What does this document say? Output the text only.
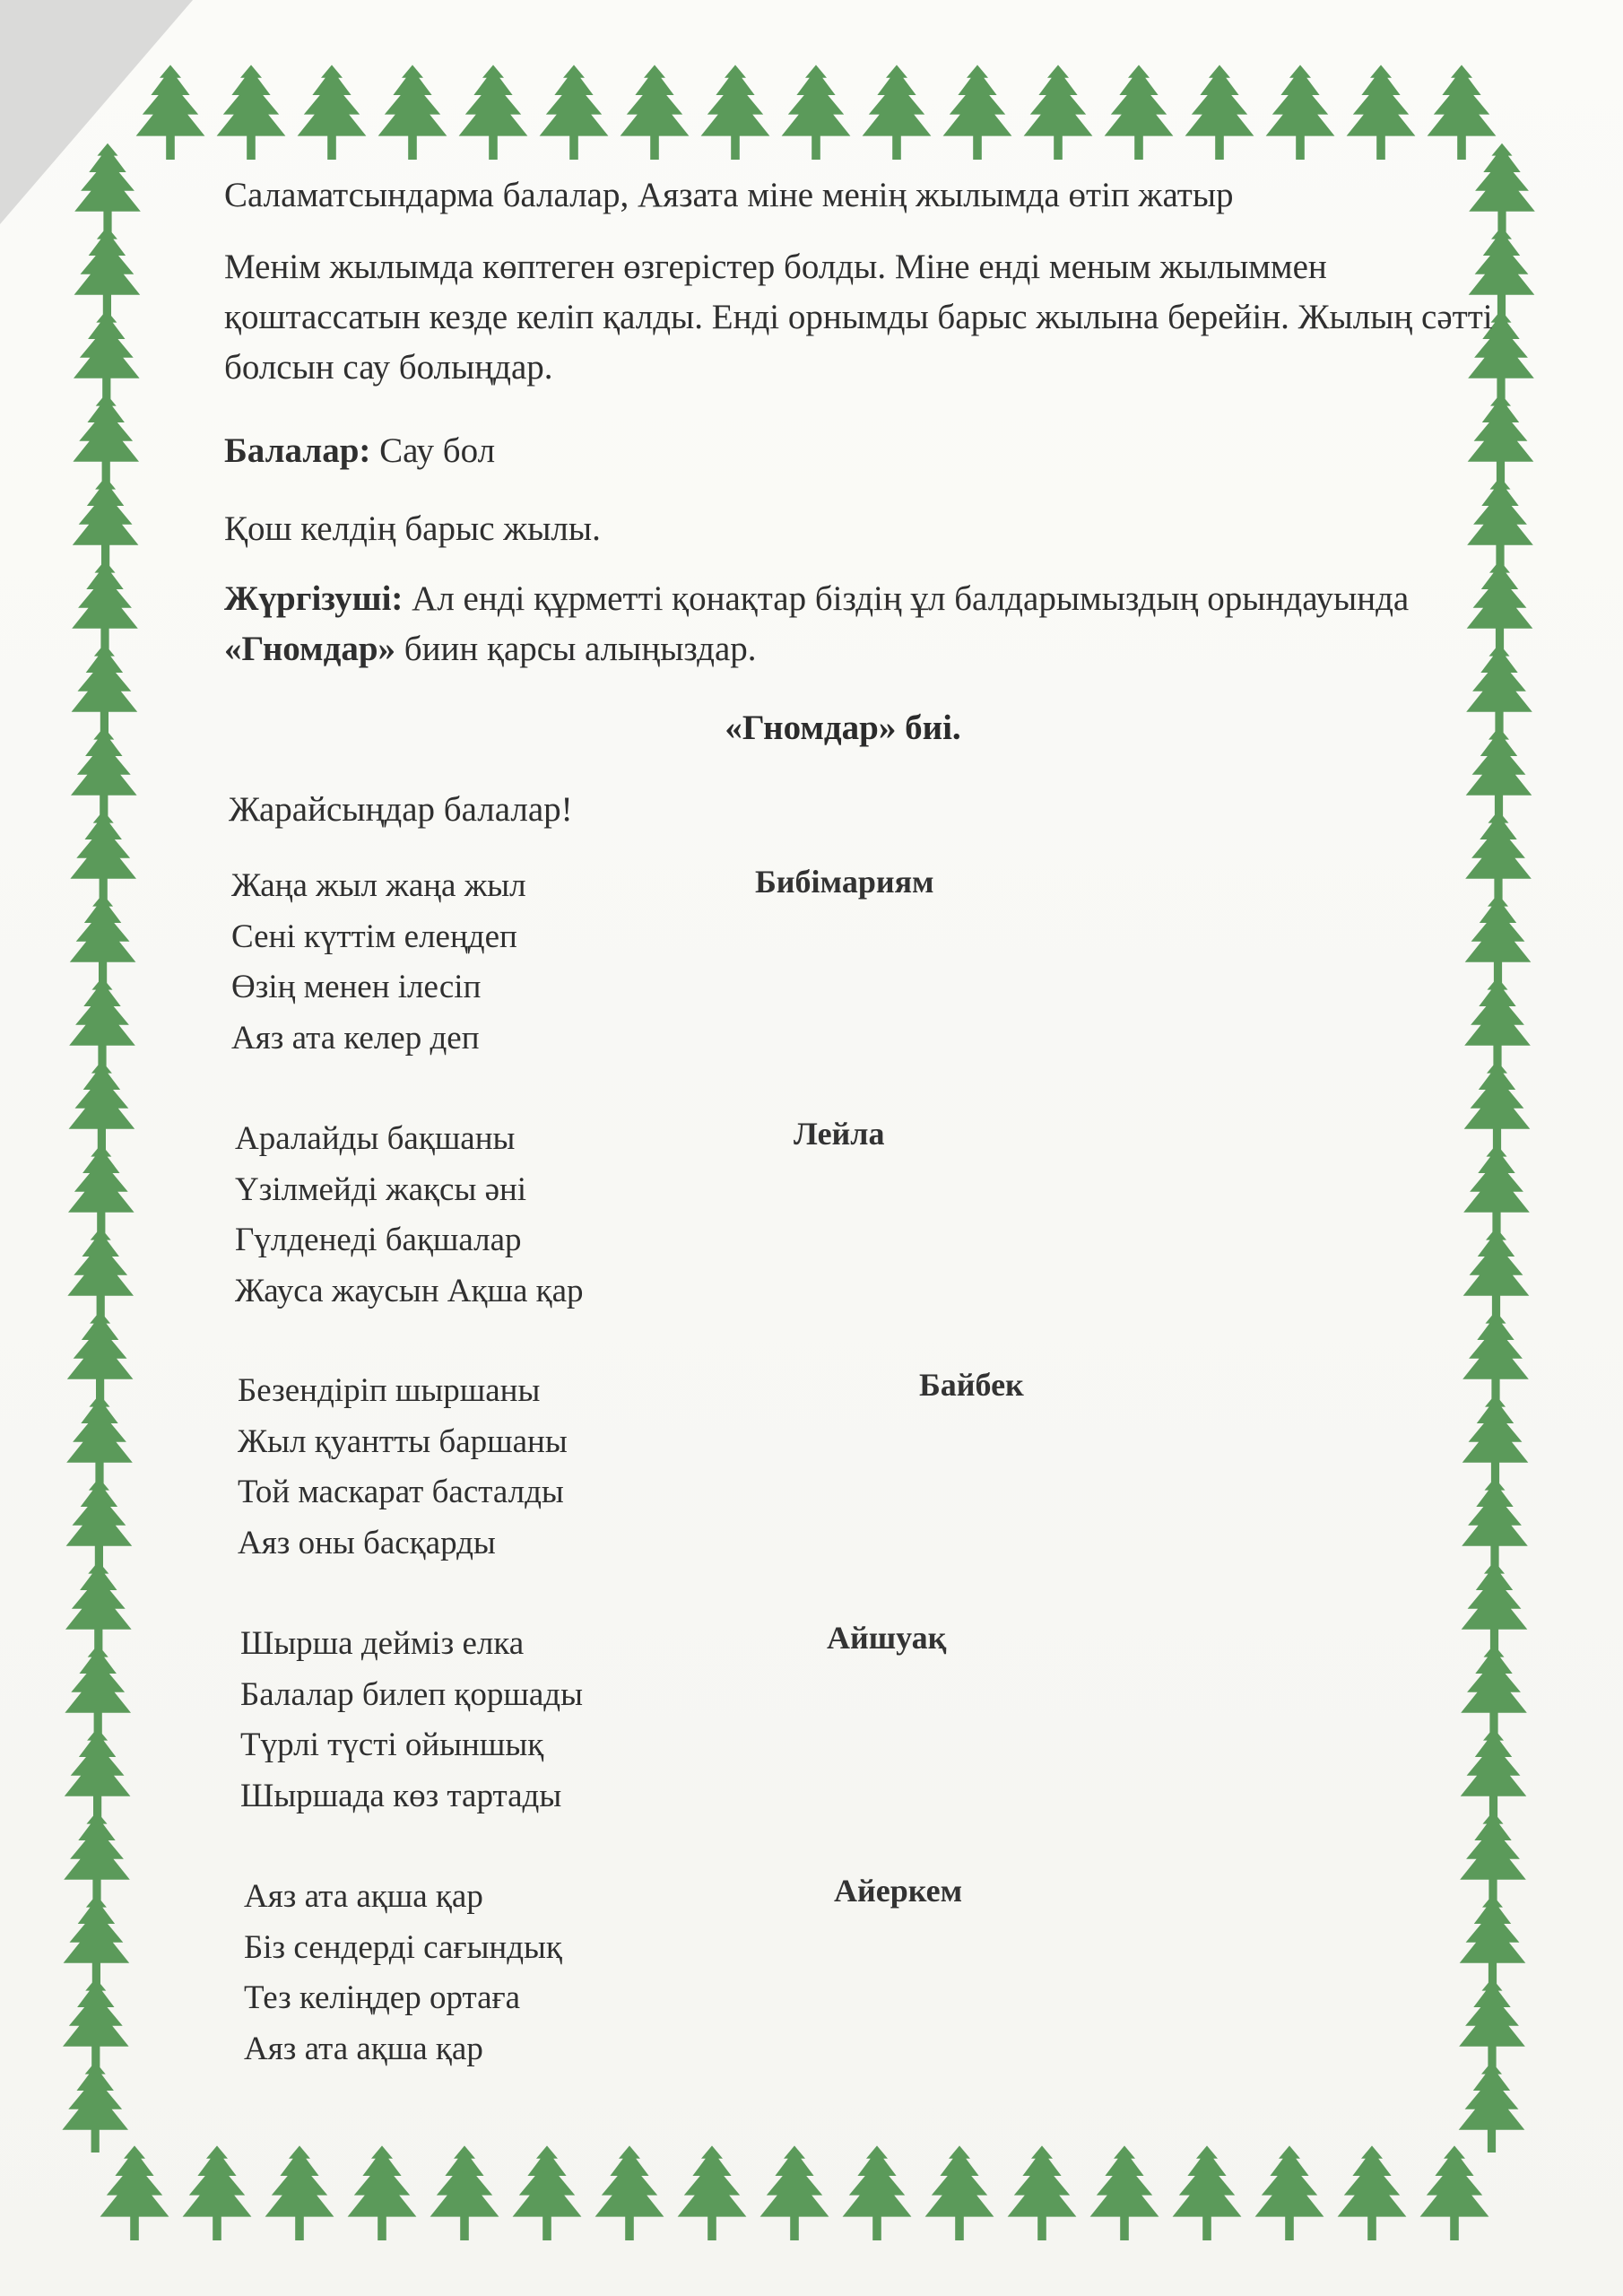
Саламатсындарма балалар, Аязата міне менің жылымда өтіп жатыр

Менім жылымда көптеген өзгерістер болды. Міне енді меным жылыммен қоштассатын кезде келіп қалды. Енді орнымды барыс жылына берейін. Жылың сәтті болсын сау болыңдар.

Балалар: Сау бол

Қош келдің барыс жылы.

Жүргізуші: Ал енді құрметті қонақтар біздің ұл балдарымыздың орындауында «Гномдар» биин қарсы алыңыздар.

«Гномдар» биі.

Жарайсыңдар балалар!

Жаңа жыл жаңа жыл
Сені күттім елеңдеп
Өзің менен ілесіп
Аяз ата келер деп

Бибімариям

Аралайды бақшаны
Үзілмейді жақсы әні
Гүлденеді бақшалар
Жауса жаусын Ақша қар

Лейла

Безендіріп шыршаны
Жыл қуантты баршаны
Той маскарат басталды
Аяз оны басқарды

Байбек

Шырша дейміз елка
Балалар билеп қоршады
Түрлі түсті ойыншық
Шыршада көз тартады

Айшуақ

Аяз ата ақша қар
Біз сендерді сағындық
Тез келіңдер ортаға
Аяз ата ақша қар

Айеркем
